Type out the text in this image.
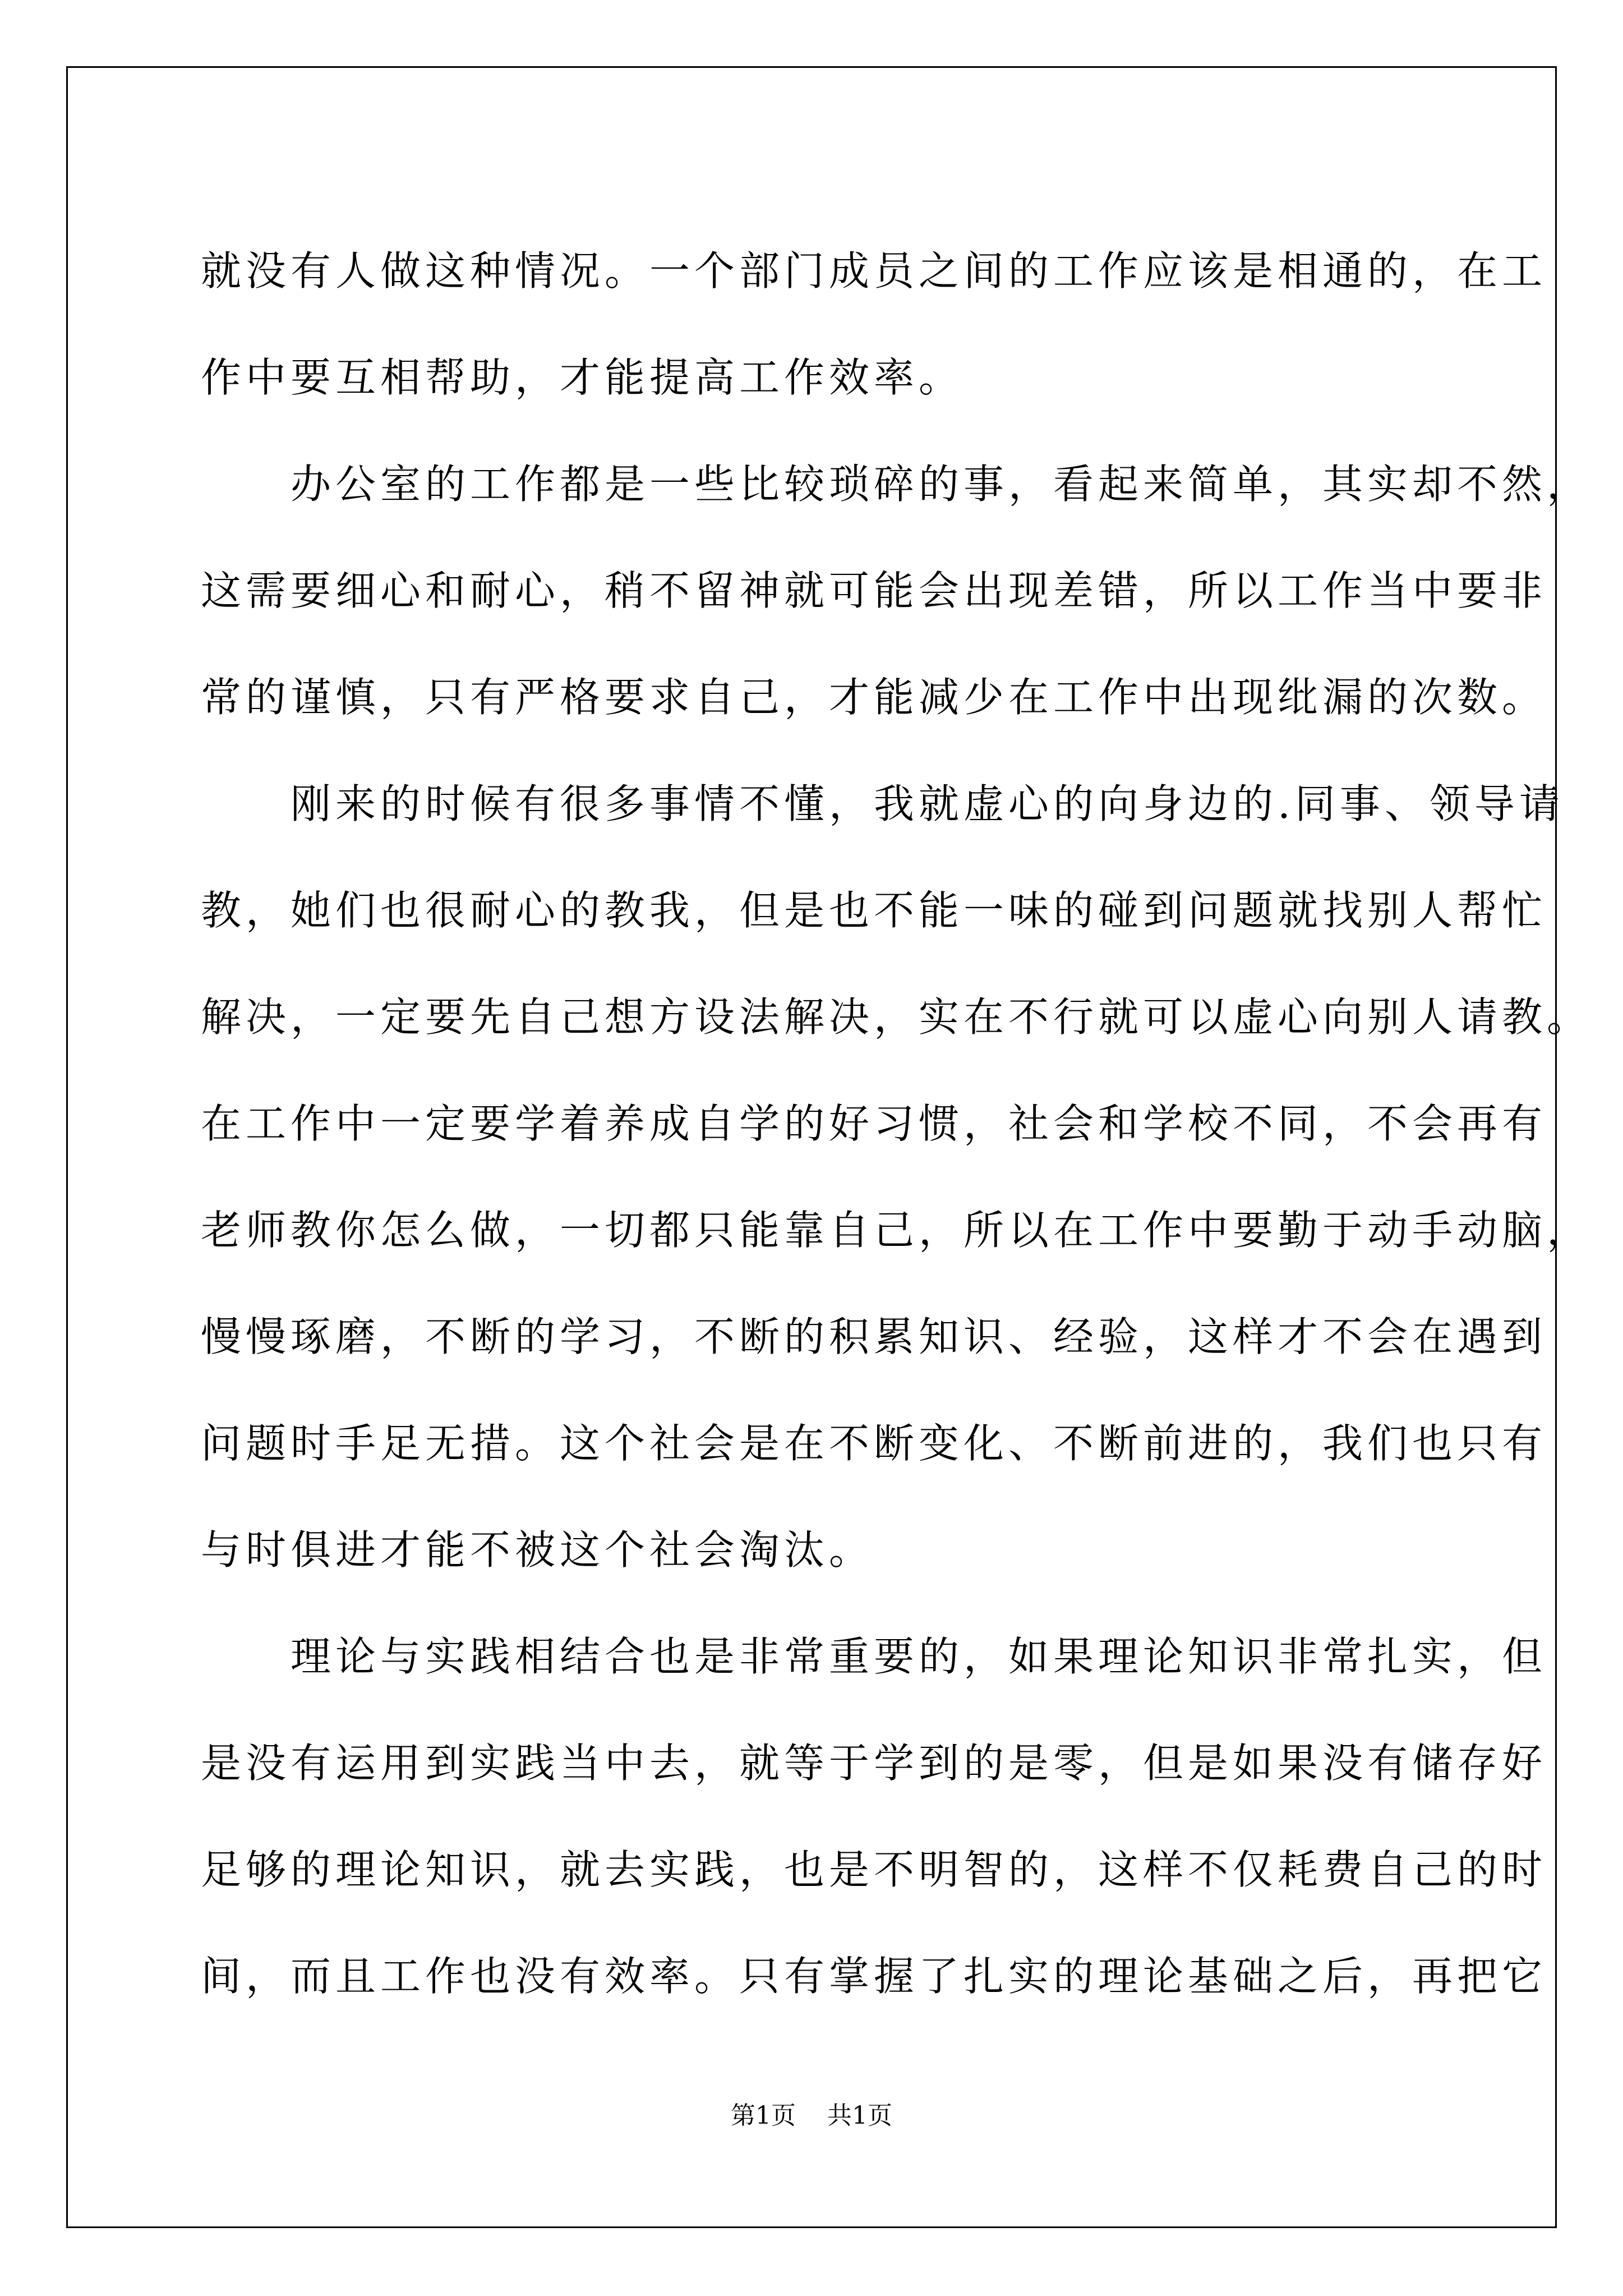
就没有人做这种情况。一个部门成员之间的工作应该是相通的，在工
作中要互相帮助，才能提高工作效率。
　　办公室的工作都是一些比较琐碎的事，看起来简单，其实却不然，
这需要细心和耐心，稍不留神就可能会出现差错，所以工作当中要非
常的谨慎，只有严格要求自己，才能减少在工作中出现纰漏的次数。
　　刚来的时候有很多事情不懂，我就虚心的向身边的.同事、领导请
教，她们也很耐心的教我，但是也不能一味的碰到问题就找别人帮忙
解决，一定要先自己想方设法解决，实在不行就可以虚心向别人请教。
在工作中一定要学着养成自学的好习惯，社会和学校不同，不会再有
老师教你怎么做，一切都只能靠自己，所以在工作中要勤于动手动脑，
慢慢琢磨，不断的学习，不断的积累知识、经验，这样才不会在遇到
问题时手足无措。这个社会是在不断变化、不断前进的，我们也只有
与时俱进才能不被这个社会淘汰。
　　理论与实践相结合也是非常重要的，如果理论知识非常扎实，但
是没有运用到实践当中去，就等于学到的是零，但是如果没有储存好
足够的理论知识，就去实践，也是不明智的，这样不仅耗费自己的时
间，而且工作也没有效率。只有掌握了扎实的理论基础之后，再把它
第1页 共1页
